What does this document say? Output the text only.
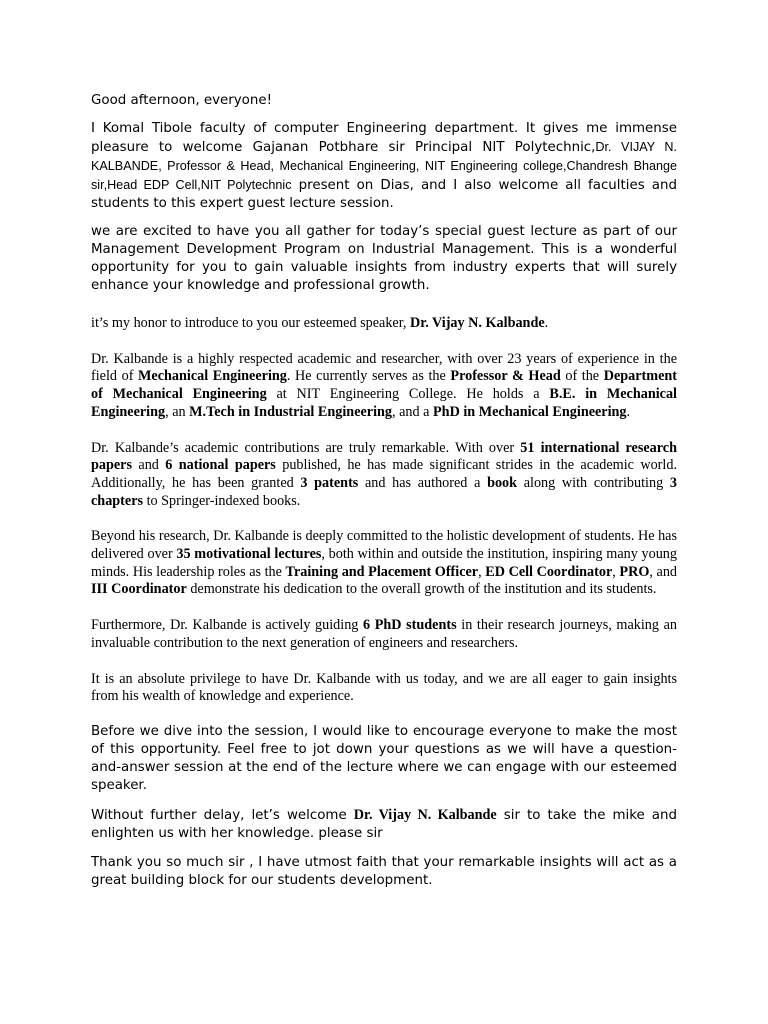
Good afternoon, everyone!

I Komal Tibole faculty of computer Engineering department. It gives me immense pleasure to welcome Gajanan Potbhare sir Principal NIT Polytechnic,Dr. VIJAY N. KALBANDE, Professor & Head, Mechanical Engineering, NIT Engineering college,Chandresh Bhange sir,Head EDP Cell,NIT Polytechnic present on Dias, and I also welcome all faculties and students to this expert guest lecture session.

we are excited to have you all gather for today’s special guest lecture as part of our Management Development Program on Industrial Management. This is a wonderful opportunity for you to gain valuable insights from industry experts that will surely enhance your knowledge and professional growth.

it’s my honor to introduce to you our esteemed speaker, Dr. Vijay N. Kalbande.

Dr. Kalbande is a highly respected academic and researcher, with over 23 years of experience in the field of Mechanical Engineering. He currently serves as the Professor & Head of the Department of Mechanical Engineering at NIT Engineering College. He holds a B.E. in Mechanical Engineering, an M.Tech in Industrial Engineering, and a PhD in Mechanical Engineering.

Dr. Kalbande’s academic contributions are truly remarkable. With over 51 international research papers and 6 national papers published, he has made significant strides in the academic world. Additionally, he has been granted 3 patents and has authored a book along with contributing 3 chapters to Springer-indexed books.

Beyond his research, Dr. Kalbande is deeply committed to the holistic development of students. He has delivered over 35 motivational lectures, both within and outside the institution, inspiring many young minds. His leadership roles as the Training and Placement Officer, ED Cell Coordinator, PRO, and III Coordinator demonstrate his dedication to the overall growth of the institution and its students.

Furthermore, Dr. Kalbande is actively guiding 6 PhD students in their research journeys, making an invaluable contribution to the next generation of engineers and researchers.

It is an absolute privilege to have Dr. Kalbande with us today, and we are all eager to gain insights from his wealth of knowledge and experience.

Before we dive into the session, I would like to encourage everyone to make the most of this opportunity. Feel free to jot down your questions as we will have a question-and-answer session at the end of the lecture where we can engage with our esteemed speaker.

Without further delay, let’s welcome Dr. Vijay N. Kalbande sir to take the mike and enlighten us with her knowledge. please sir

Thank you so much sir , I have utmost faith that your remarkable insights will act as a great building block for our students development.
